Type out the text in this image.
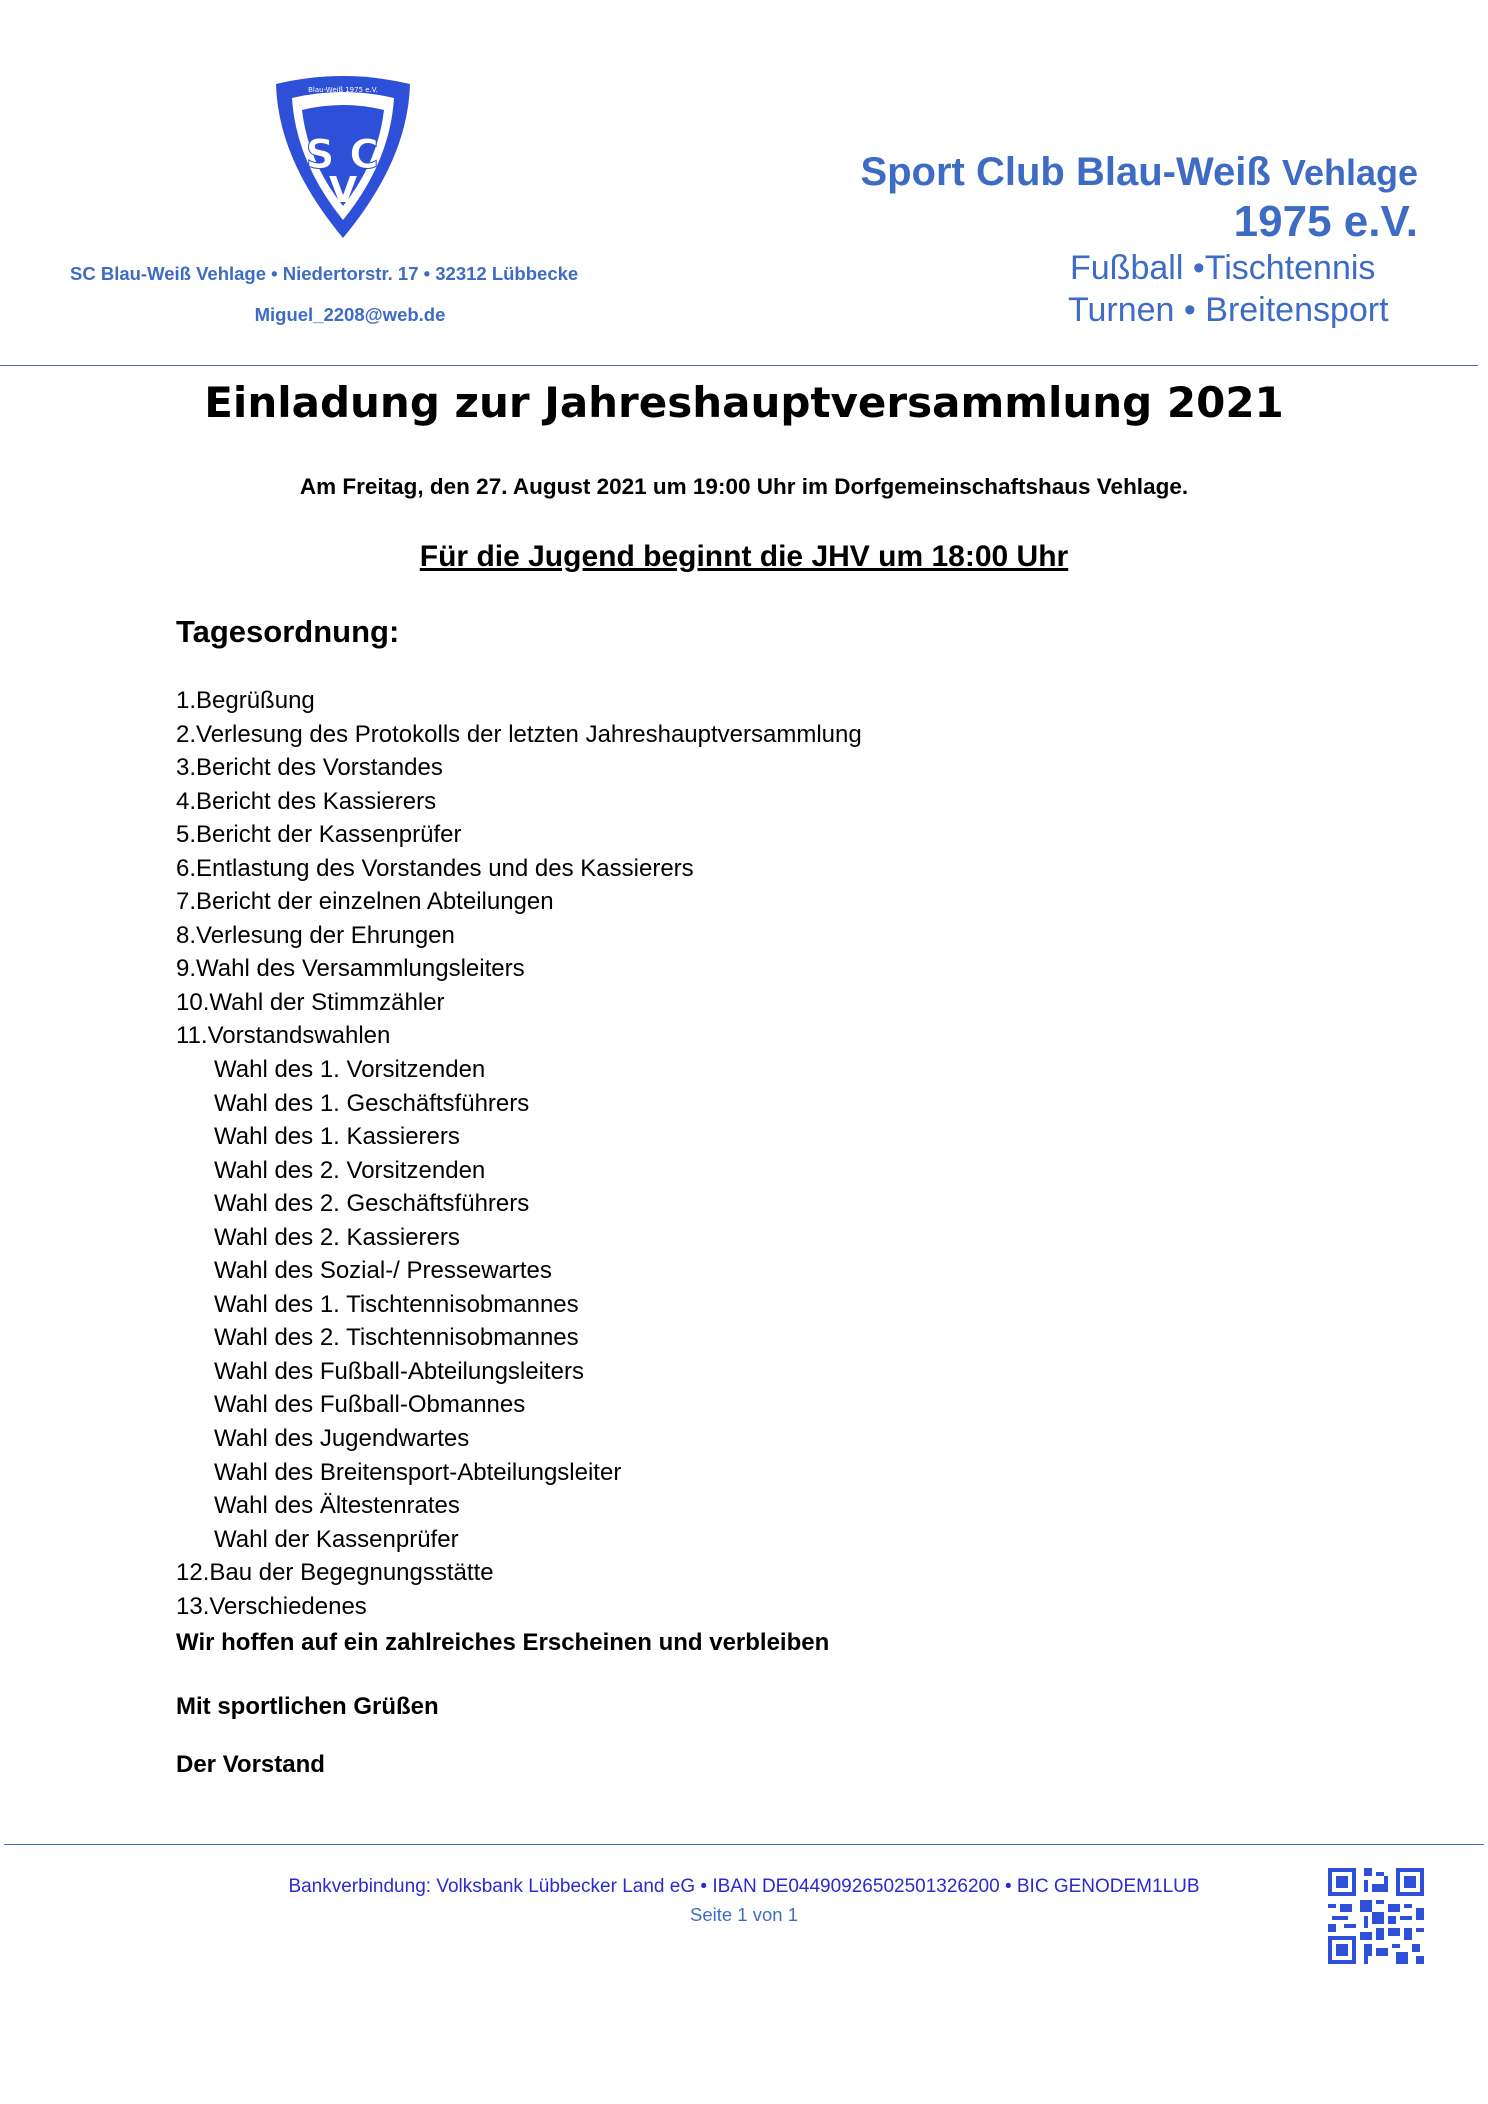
Blau-Weiß 1975 e.V.
S C
V
SC Blau-Weiß Vehlage • Niedertorstr. 17 • 32312 Lübbecke
Miguel_2208@web.de
Sport Club Blau-Weiß Vehlage
1975 e.V.
Fußball •Tischtennis
Turnen • Breitensport
Einladung zur Jahreshauptversammlung 2021
Am Freitag, den 27. August 2021 um 19:00 Uhr im Dorfgemeinschaftshaus Vehlage.
Für die Jugend beginnt die JHV um 18:00 Uhr
Tagesordnung:
1.Begrüßung
2.Verlesung des Protokolls der letzten Jahreshauptversammlung
3.Bericht des Vorstandes
4.Bericht des Kassierers
5.Bericht der Kassenprüfer
6.Entlastung des Vorstandes und des Kassierers
7.Bericht der einzelnen Abteilungen
8.Verlesung der Ehrungen
9.Wahl des Versammlungsleiters
10.Wahl der Stimmzähler
11.Vorstandswahlen
Wahl des 1. Vorsitzenden
Wahl des 1. Geschäftsführers
Wahl des 1. Kassierers
Wahl des 2. Vorsitzenden
Wahl des 2. Geschäftsführers
Wahl des 2. Kassierers
Wahl des Sozial-/ Pressewartes
Wahl des 1. Tischtennisobmannes
Wahl des 2. Tischtennisobmannes
Wahl des Fußball-Abteilungsleiters
Wahl des Fußball-Obmannes
Wahl des Jugendwartes
Wahl des Breitensport-Abteilungsleiter
Wahl des Ältestenrates
Wahl der Kassenprüfer
12.Bau der Begegnungsstätte
13.Verschiedenes
Wir hoffen auf ein zahlreiches Erscheinen und verbleiben
Mit sportlichen Grüßen
Der Vorstand
Bankverbindung: Volksbank Lübbecker Land eG • IBAN DE04490926502501326200 • BIC GENODEM1LUB
Seite 1 von 1
